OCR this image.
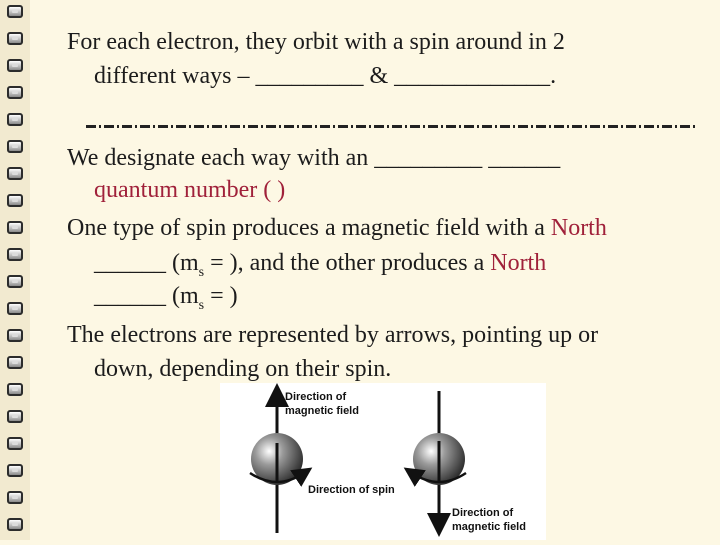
For each electron, they orbit with a spin around in 2
different ways – _________ & _____________.
We designate each way with an _________ ______
quantum number ( )
One type of spin produces a magnetic field with a North
______ ($m_s$ = ), and the other produces a North
______ ($m_s$ = )
The electrons are represented by arrows, pointing up or
down, depending on their spin.
Direction of
magnetic field
Direction of spin
Direction of
magnetic field
